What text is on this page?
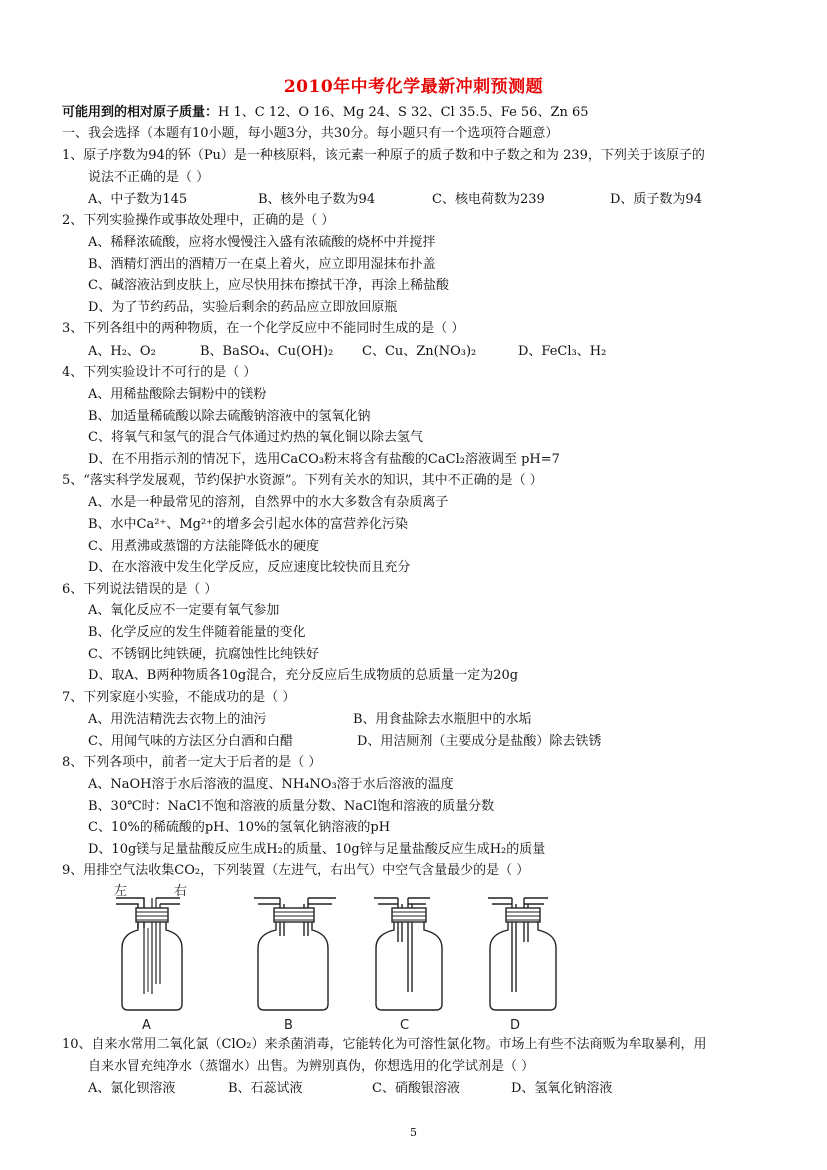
2010年中考化学最新冲刺预测题
可能用到的相对原子质量：H 1、C 12、O 16、Mg 24、S 32、Cl 35.5、Fe 56、Zn 65
一、我会选择（本题有10小题，每小题3分，共30分。每小题只有一个选项符合题意）
1、原子序数为94的钚（Pu）是一种核原料，该元素一种原子的质子数和中子数之和为 239，下列关于该原子的
说法不正确的是（ ）
A、中子数为145	B、核外电子数为94	C、核电荷数为239	D、质子数为94
2、下列实验操作或事故处理中，正确的是（ ）
A、稀释浓硫酸，应将水慢慢注入盛有浓硫酸的烧杯中并搅拌
B、酒精灯洒出的酒精万一在桌上着火，应立即用湿抹布扑盖
C、碱溶液沾到皮肤上，应尽快用抹布擦拭干净，再涂上稀盐酸
D、为了节约药品，实验后剩余的药品应立即放回原瓶
3、下列各组中的两种物质，在一个化学反应中不能同时生成的是（ ）
A、H₂、O₂	B、BaSO₄、Cu(OH)₂ C、Cu、Zn(NO₃)₂	D、FeCl₃、H₂
4、下列实验设计不可行的是（ ）
A、用稀盐酸除去铜粉中的镁粉
B、加适量稀硫酸以除去硫酸钠溶液中的氢氧化钠
C、将氧气和氢气的混合气体通过灼热的氧化铜以除去氢气
D、在不用指示剂的情况下，选用CaCO₃粉末将含有盐酸的CaCl₂溶液调至 pH=7
5、“落实科学发展观，节约保护水资源”。下列有关水的知识，其中不正确的是（ ）
A、水是一种最常见的溶剂，自然界中的水大多数含有杂质离子
B、水中Ca²⁺、Mg²⁺的增多会引起水体的富营养化污染
C、用煮沸或蒸馏的方法能降低水的硬度
D、在水溶液中发生化学反应，反应速度比较快而且充分
6、下列说法错误的是（ ）
A、氧化反应不一定要有氧气参加
B、化学反应的发生伴随着能量的变化
C、不锈钢比纯铁硬，抗腐蚀性比纯铁好
D、取A、B两种物质各10g混合，充分反应后生成物质的总质量一定为20g
7、下列家庭小实验，不能成功的是（ ）
A、用洗洁精洗去衣物上的油污	B、用食盐除去水瓶胆中的水垢
C、用闻气味的方法区分白酒和白醋	D、用洁厕剂（主要成分是盐酸）除去铁锈
8、下列各项中，前者一定大于后者的是（ ）
A、NaOH溶于水后溶液的温度、NH₄NO₃溶于水后溶液的温度
B、30℃时：NaCl不饱和溶液的质量分数、NaCl饱和溶液的质量分数
C、10%的稀硫酸的pH、10%的氢氧化钠溶液的pH
D、10g镁与足量盐酸反应生成H₂的质量、10g锌与足量盐酸反应生成H₂的质量
9、用排空气法收集CO₂，下列装置（左进气，右出气）中空气含量最少的是（ ）
左	右
A	B	C	D
10、自来水常用二氧化氯（ClO₂）来杀菌消毒，它能转化为可溶性氯化物。市场上有些不法商贩为牟取暴利，用
自来水冒充纯净水（蒸馏水）出售。为辨别真伪，你想选用的化学试剂是（ ）
A、氯化钡溶液	B、石蕊试液	C、硝酸银溶液	D、氢氧化钠溶液
5
